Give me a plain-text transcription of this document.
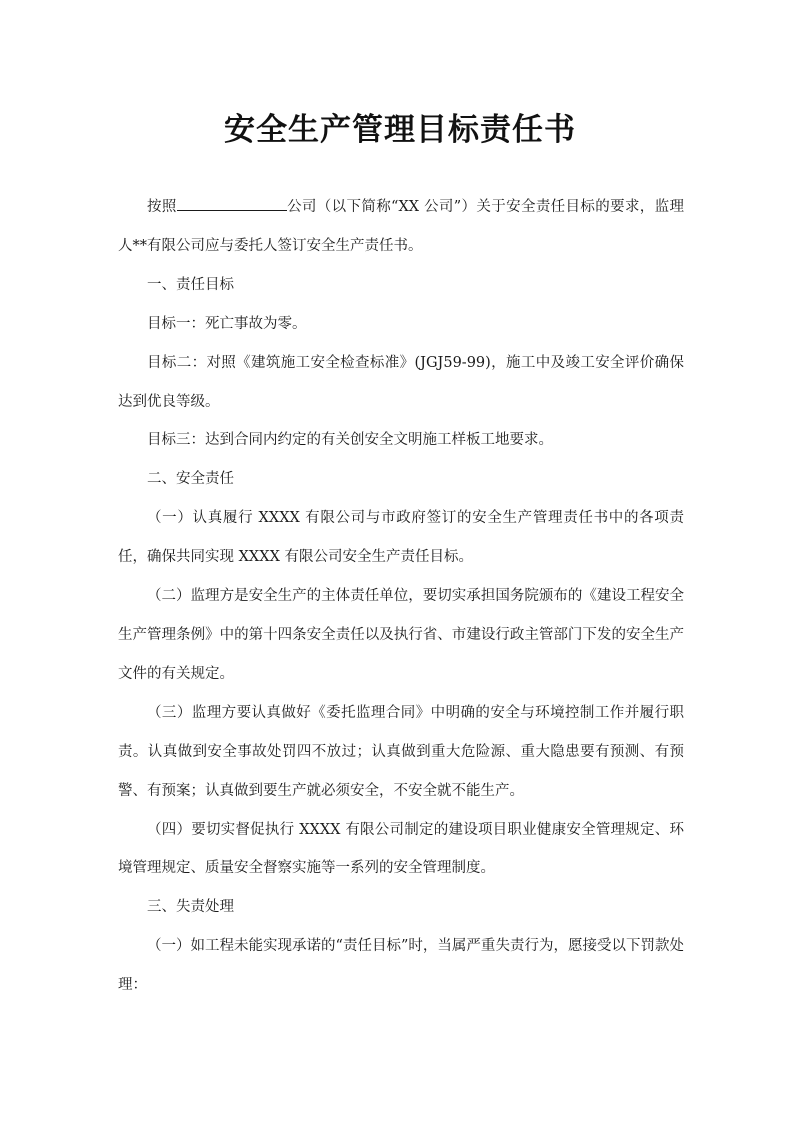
安全生产管理目标责任书

按照	公司（以下简称“XX 公司”）关于安全责任目标的要求，监理人**有限公司应与委托人签订安全生产责任书。

一、责任目标

目标一：死亡事故为零。

目标二：对照《建筑施工安全检查标准》(JGJ59-99)，施工中及竣工安全评价确保达到优良等级。

目标三：达到合同内约定的有关创安全文明施工样板工地要求。

二、安全责任

（一）认真履行 XXXX 有限公司与市政府签订的安全生产管理责任书中的各项责任，确保共同实现 XXXX 有限公司安全生产责任目标。

（二）监理方是安全生产的主体责任单位，要切实承担国务院颁布的《建设工程安全生产管理条例》中的第十四条安全责任以及执行省、市建设行政主管部门下发的安全生产文件的有关规定。

（三）监理方要认真做好《委托监理合同》中明确的安全与环境控制工作并履行职责。认真做到安全事故处罚四不放过；认真做到重大危险源、重大隐患要有预测、有预警、有预案；认真做到要生产就必须安全，不安全就不能生产。

（四）要切实督促执行 XXXX 有限公司制定的建设项目职业健康安全管理规定、环境管理规定、质量安全督察实施等一系列的安全管理制度。

三、失责处理

（一）如工程未能实现承诺的“责任目标”时，当属严重失责行为，愿接受以下罚款处理：
